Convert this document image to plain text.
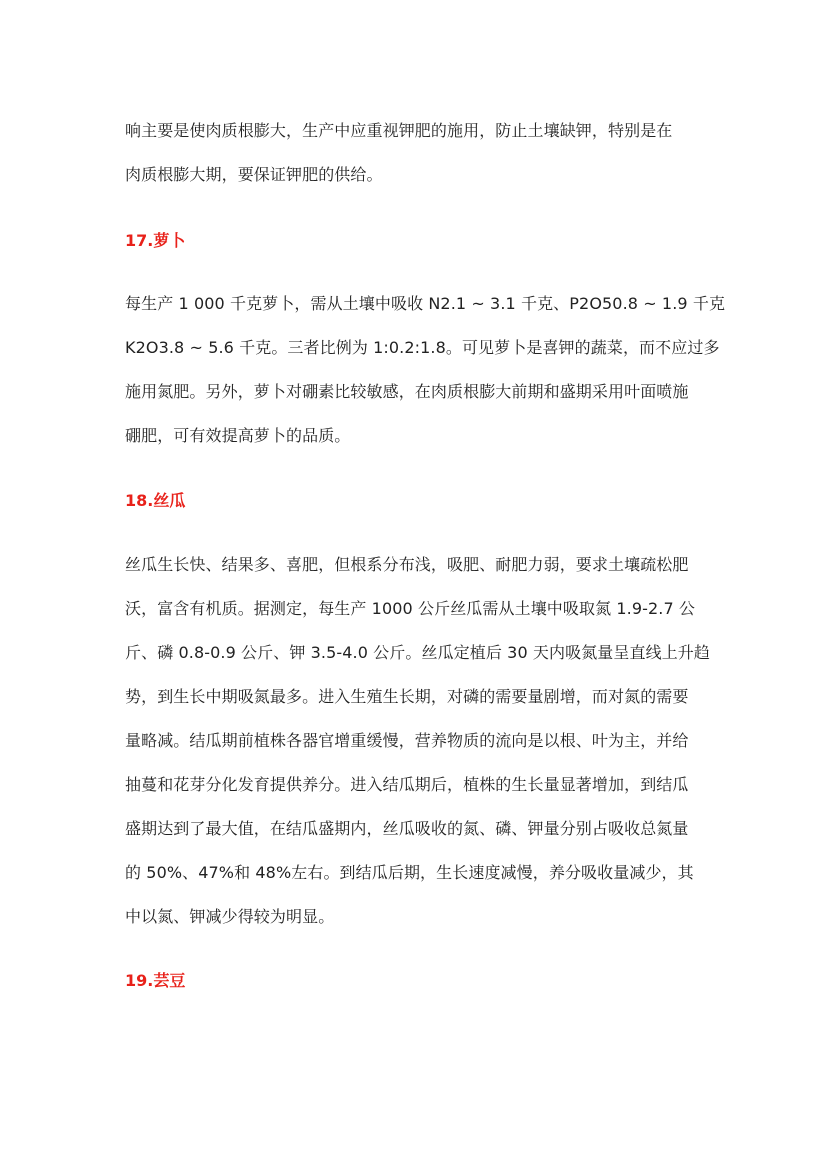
响主要是使肉质根膨大，生产中应重视钾肥的施用，防止土壤缺钾，特别是在
肉质根膨大期，要保证钾肥的供给。
17.萝卜
每生产 1 000 千克萝卜，需从土壤中吸收 N2.1 ~ 3.1 千克、P2O50.8 ~ 1.9 千克
K2O3.8 ~ 5.6 千克。三者比例为 1:0.2:1.8。可见萝卜是喜钾的蔬菜，而不应过多
施用氮肥。另外，萝卜对硼素比较敏感，在肉质根膨大前期和盛期采用叶面喷施
硼肥，可有效提高萝卜的品质。
18.丝瓜
丝瓜生长快、结果多、喜肥，但根系分布浅，吸肥、耐肥力弱，要求土壤疏松肥
沃，富含有机质。据测定，每生产 1000 公斤丝瓜需从土壤中吸取氮 1.9-2.7 公
斤、磷 0.8-0.9 公斤、钾 3.5-4.0 公斤。丝瓜定植后 30 天内吸氮量呈直线上升趋
势，到生长中期吸氮最多。进入生殖生长期，对磷的需要量剧增，而对氮的需要
量略减。结瓜期前植株各器官增重缓慢，营养物质的流向是以根、叶为主，并给
抽蔓和花芽分化发育提供养分。进入结瓜期后，植株的生长量显著增加，到结瓜
盛期达到了最大值，在结瓜盛期内，丝瓜吸收的氮、磷、钾量分别占吸收总氮量
的 50%、47%和 48%左右。到结瓜后期，生长速度减慢，养分吸收量减少，其
中以氮、钾减少得较为明显。
19.芸豆
